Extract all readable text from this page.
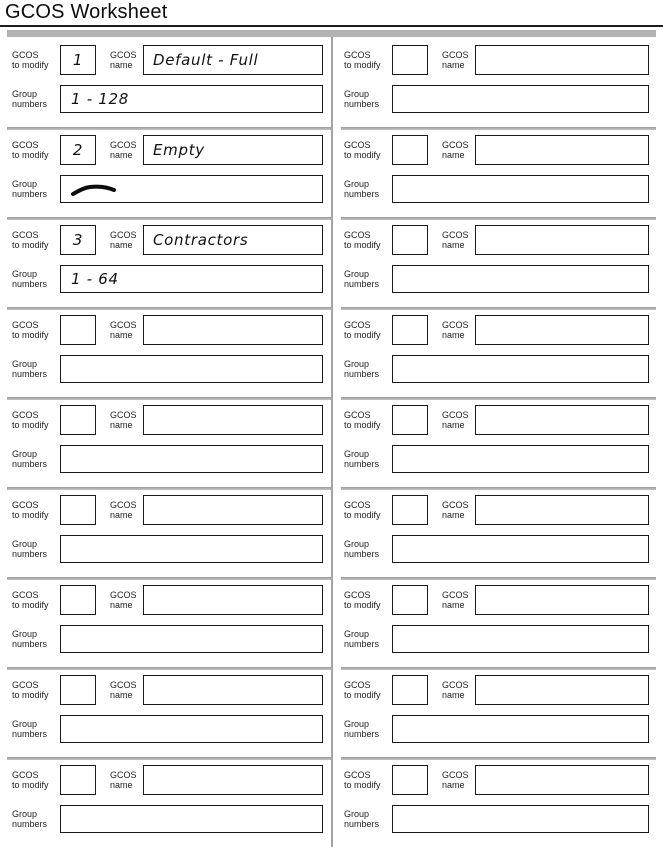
GCOS Worksheet
GCOS
to modify	1	GCOS
name	Default - Full
Group
numbers	1 - 128
GCOS
to modify	2	GCOS
name	Empty
Group
numbers
GCOS
to modify	3	GCOS
name	Contractors
Group
numbers	1 - 64
GCOS
to modify
GCOS
name
Group
numbers
GCOS
to modify
GCOS
name
Group
numbers
GCOS
to modify
GCOS
name
Group
numbers
GCOS
to modify
GCOS
name
Group
numbers
GCOS
to modify
GCOS
name
Group
numbers
GCOS
to modify
GCOS
name
Group
numbers
GCOS
to modify
GCOS
name
Group
numbers
GCOS
to modify
GCOS
name
Group
numbers
GCOS
to modify
GCOS
name
Group
numbers
GCOS
to modify
GCOS
name
Group
numbers
GCOS
to modify
GCOS
name
Group
numbers
GCOS
to modify
GCOS
name
Group
numbers
GCOS
to modify
GCOS
name
Group
numbers
GCOS
to modify
GCOS
name
Group
numbers
GCOS
to modify
GCOS
name
Group
numbers
